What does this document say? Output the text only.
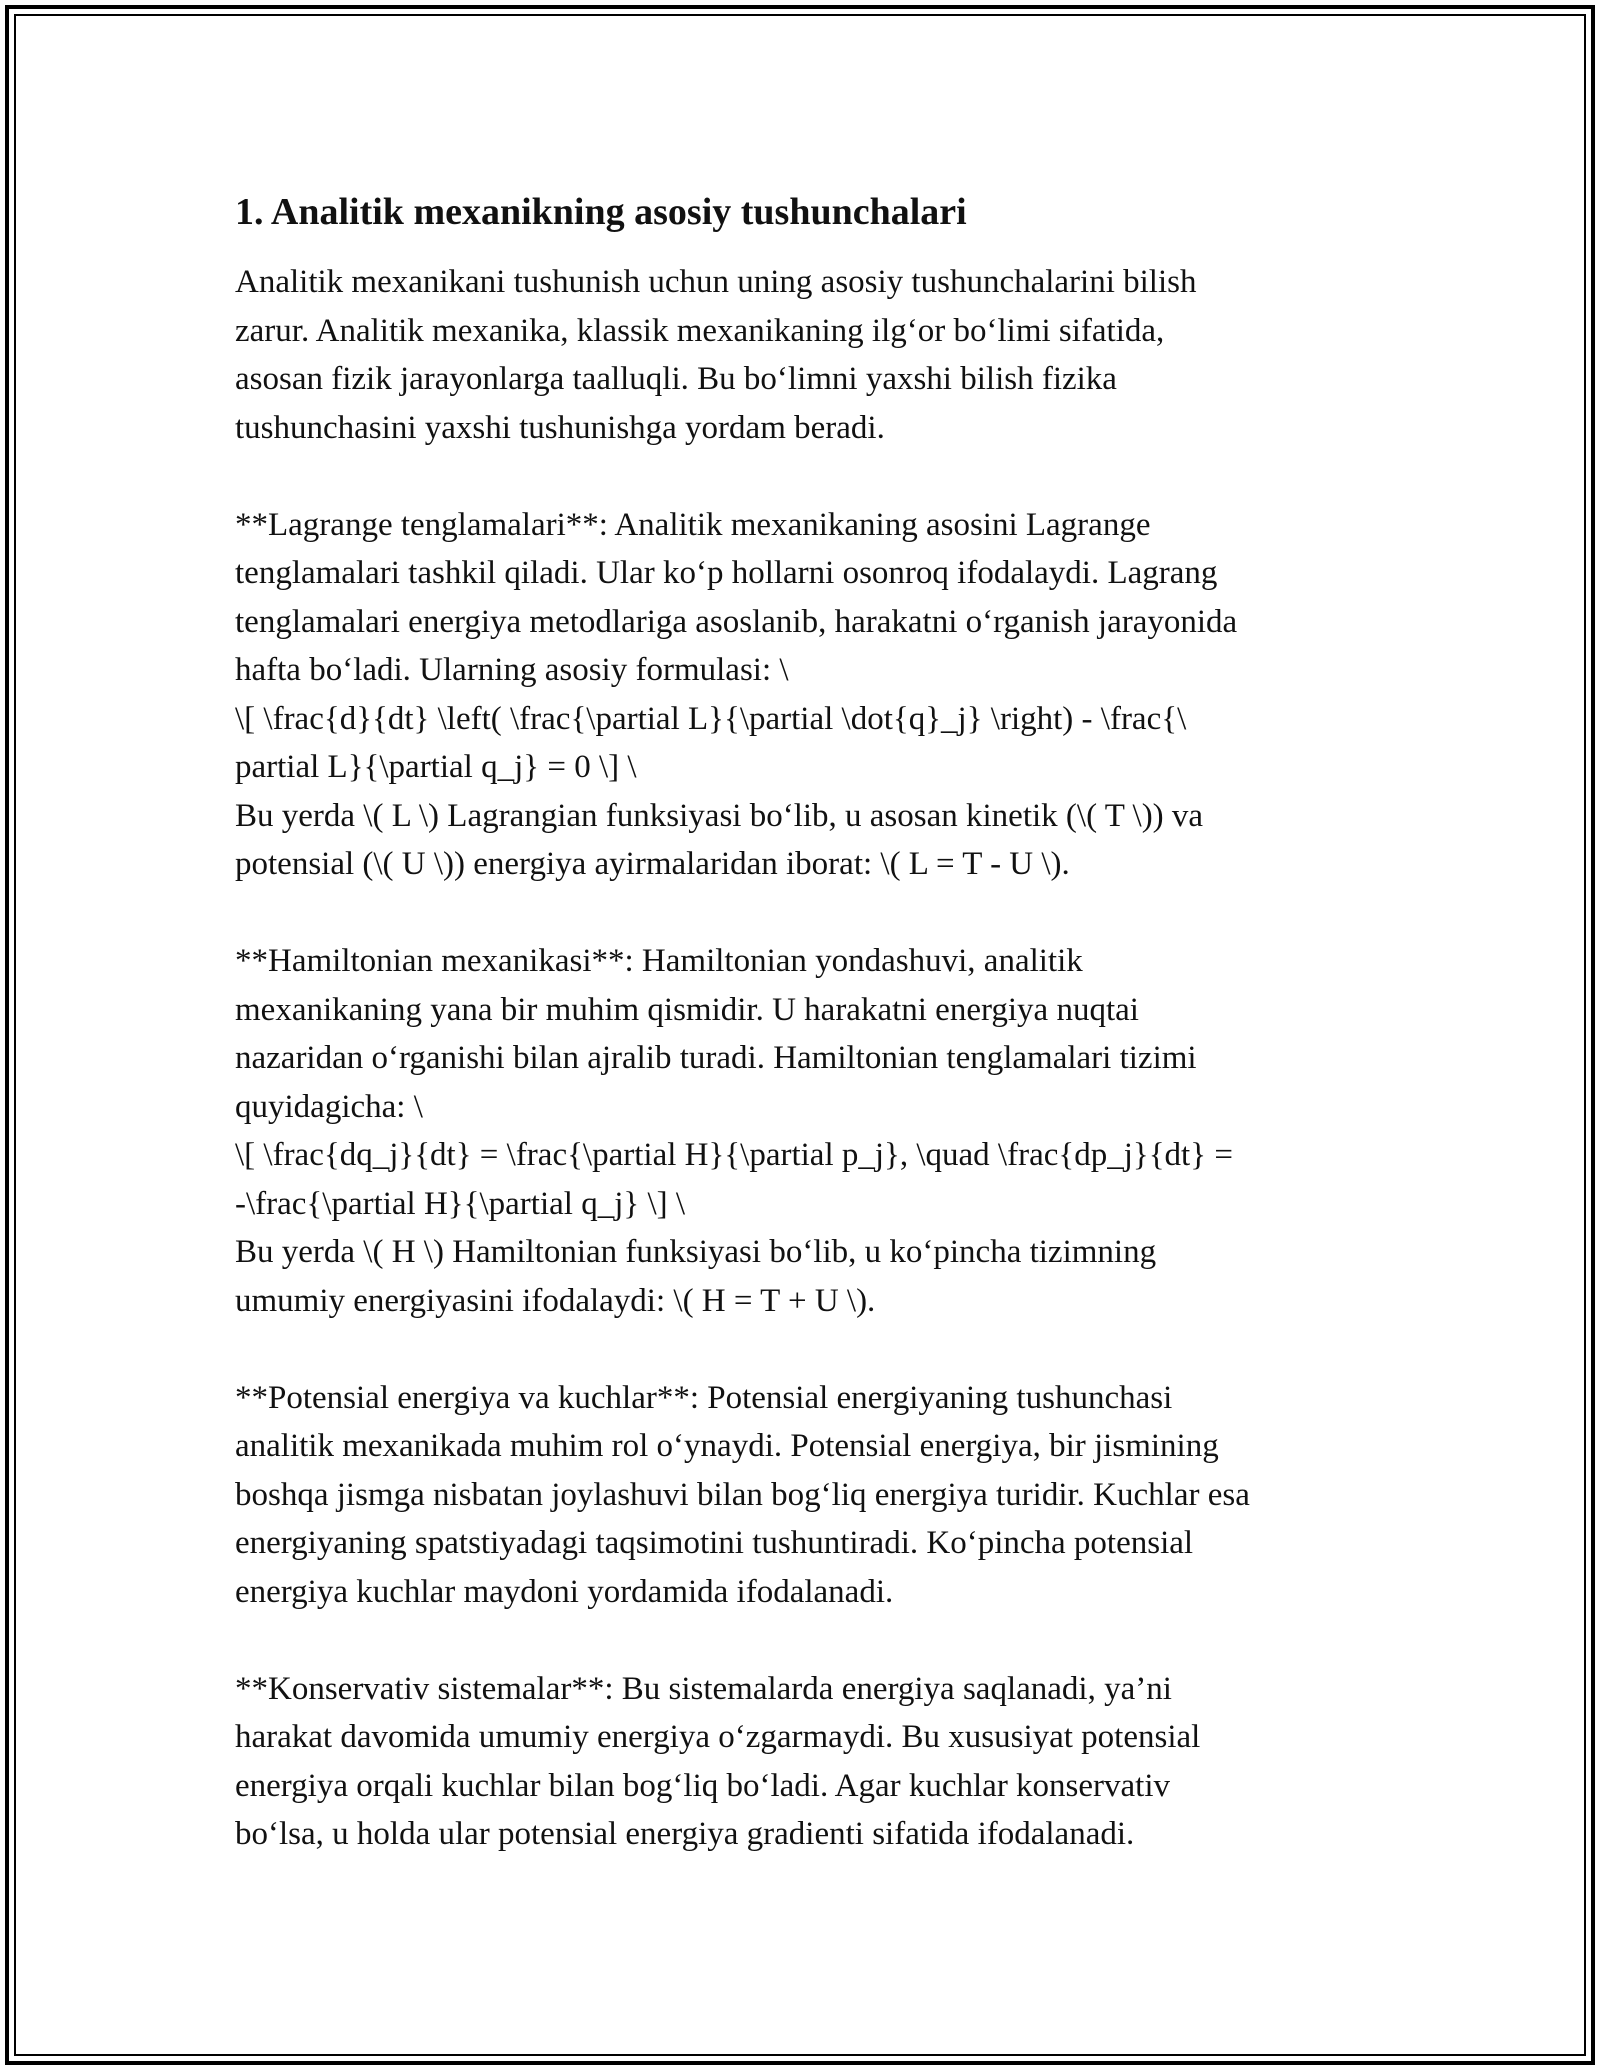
1. Analitik mexanikning asosiy tushunchalari
Analitik mexanikani tushunish uchun uning asosiy tushunchalarini bilish
zarur. Analitik mexanika, klassik mexanikaning ilg‘or bo‘limi sifatida,
asosan fizik jarayonlarga taalluqli. Bu bo‘limni yaxshi bilish fizika
tushunchasini yaxshi tushunishga yordam beradi.
**Lagrange tenglamalari**: Analitik mexanikaning asosini Lagrange
tenglamalari tashkil qiladi. Ular ko‘p hollarni osonroq ifodalaydi. Lagrang
tenglamalari energiya metodlariga asoslanib, harakatni o‘rganish jarayonida
hafta bo‘ladi. Ularning asosiy formulasi: \
\[ \frac{d}{dt} \left( \frac{\partial L}{\partial \dot{q}_j} \right) - \frac{\
partial L}{\partial q_j} = 0 \] \
Bu yerda \( L \) Lagrangian funksiyasi bo‘lib, u asosan kinetik (\( T \)) va
potensial (\( U \)) energiya ayirmalaridan iborat: \( L = T - U \).
**Hamiltonian mexanikasi**: Hamiltonian yondashuvi, analitik
mexanikaning yana bir muhim qismidir. U harakatni energiya nuqtai
nazaridan o‘rganishi bilan ajralib turadi. Hamiltonian tenglamalari tizimi
quyidagicha: \
\[ \frac{dq_j}{dt} = \frac{\partial H}{\partial p_j}, \quad \frac{dp_j}{dt} =
-\frac{\partial H}{\partial q_j} \] \
Bu yerda \( H \) Hamiltonian funksiyasi bo‘lib, u ko‘pincha tizimning
umumiy energiyasini ifodalaydi: \( H = T + U \).
**Potensial energiya va kuchlar**: Potensial energiyaning tushunchasi
analitik mexanikada muhim rol o‘ynaydi. Potensial energiya, bir jismining
boshqa jismga nisbatan joylashuvi bilan bog‘liq energiya turidir. Kuchlar esa
energiyaning spatstiyadagi taqsimotini tushuntiradi. Ko‘pincha potensial
energiya kuchlar maydoni yordamida ifodalanadi.
**Konservativ sistemalar**: Bu sistemalarda energiya saqlanadi, ya’ni
harakat davomida umumiy energiya o‘zgarmaydi. Bu xususiyat potensial
energiya orqali kuchlar bilan bog‘liq bo‘ladi. Agar kuchlar konservativ
bo‘lsa, u holda ular potensial energiya gradienti sifatida ifodalanadi.
